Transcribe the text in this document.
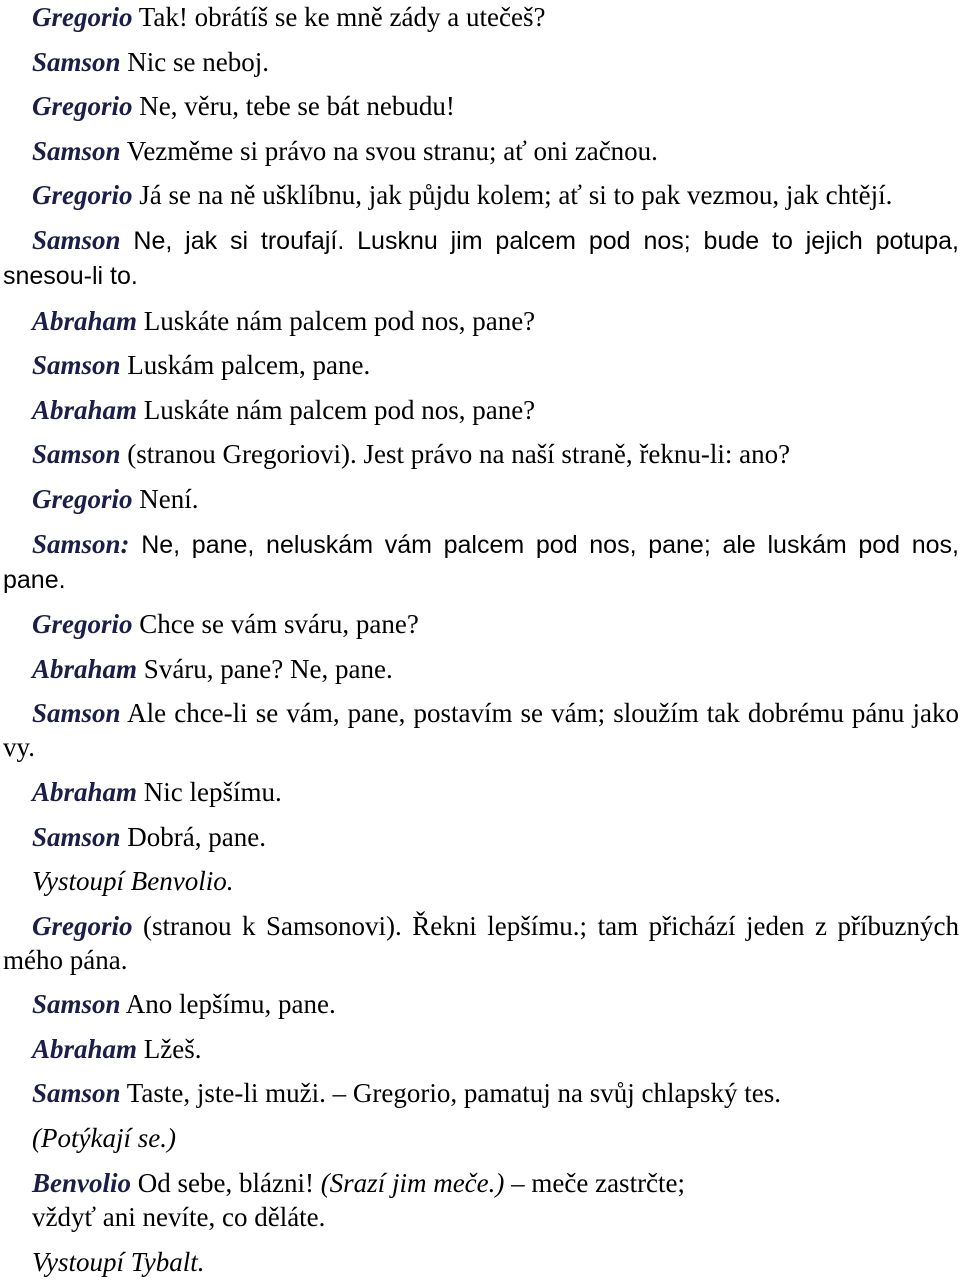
Gregorio Tak! obrátíš se ke mně zády a utečeš?

Samson Nic se neboj.

Gregorio Ne, věru, tebe se bát nebudu!

Samson Vezměme si právo na svou stranu; ať oni začnou.

Gregorio Já se na ně ušklíbnu, jak půjdu kolem; ať si to pak vezmou, jak chtějí.

Samson Ne, jak si troufají. Lusknu jim palcem pod nos; bude to jejich potupa, snesou-li to.

Abraham Luskáte nám palcem pod nos, pane?

Samson Luskám palcem, pane.

Abraham Luskáte nám palcem pod nos, pane?

Samson (stranou Gregoriovi). Jest právo na naší straně, řeknu-li: ano?

Gregorio Není.

Samson: Ne, pane, neluskám vám palcem pod nos, pane; ale luskám pod nos, pane.

Gregorio Chce se vám sváru, pane?

Abraham Sváru, pane? Ne, pane.

Samson Ale chce-li se vám, pane, postavím se vám; sloužím tak dobrému pánu jako vy.

Abraham Nic lepšímu.

Samson Dobrá, pane.

Vystoupí Benvolio.

Gregorio (stranou k Samsonovi). Řekni lepšímu.; tam přichází jeden z příbuzných mého pána.

Samson Ano lepšímu, pane.

Abraham Lžeš.

Samson Taste, jste-li muži. – Gregorio, pamatuj na svůj chlapský tes.

(Potýkají se.)

Benvolio Od sebe, blázni! (Srazí jim meče.) – meče zastrčte;

vždyť ani nevíte, co děláte.

Vystoupí Tybalt.
